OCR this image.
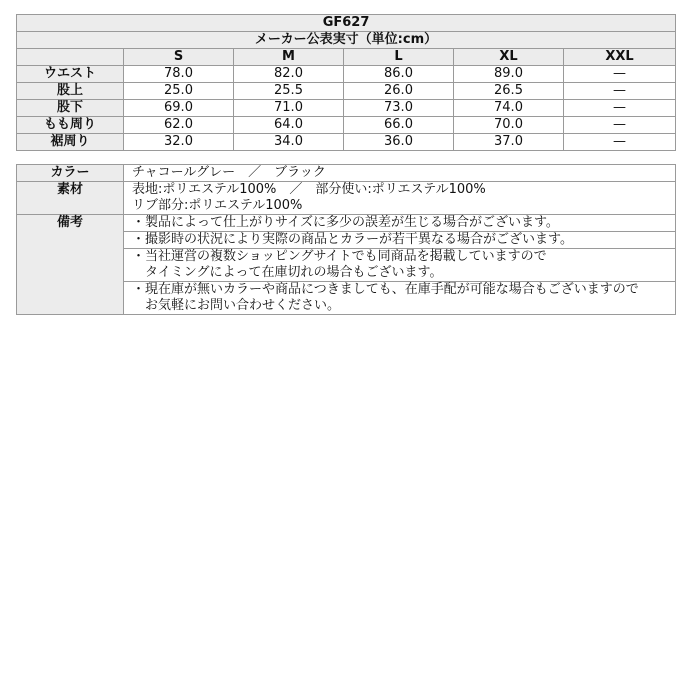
GF627					
メーカー公表実寸（単位:cm）					
	S	M	L	XL	XXL
ウエスト	78.0	82.0	86.0	89.0	—
股上	25.0	25.5	26.0	26.5	—
股下	69.0	71.0	73.0	74.0	—
もも周り	62.0	64.0	66.0	70.0	—
裾周り	32.0	34.0	36.0	37.0	—
カラー	チャコールグレー　／　ブラック
素材	表地:ポリエステル100%　／　部分使い:ポリエステル100%
リブ部分:ポリエステル100%

備考	・製品によって仕上がりサイズに多少の誤差が生じる場合がございます。

	・撮影時の状況により実際の商品とカラーが若干異なる場合がございます。

	・当社運営の複数ショッピングサイトでも同商品を掲載していますので
　タイミングによって在庫切れの場合もございます。

	・現在庫が無いカラーや商品につきましても、在庫手配が可能な場合もございますので
　お気軽にお問い合わせください。
